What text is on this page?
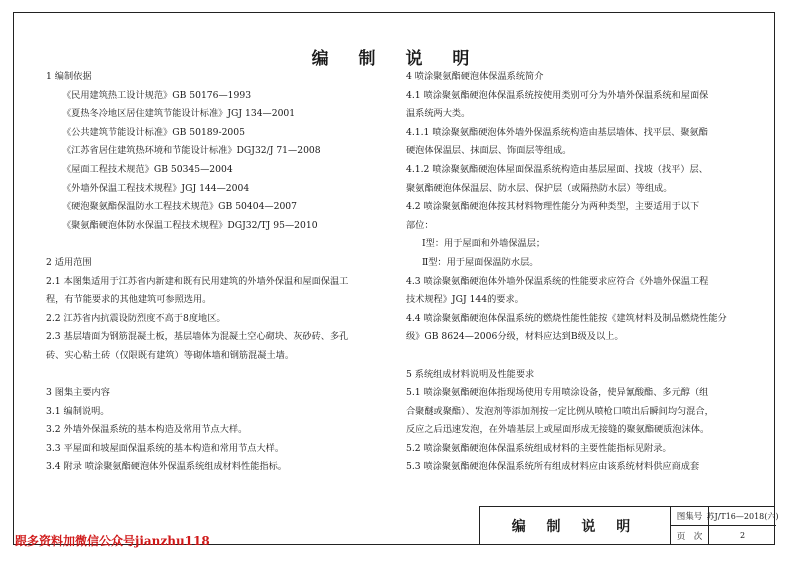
编 制 说 明
1 编制依据
《民用建筑热工设计规范》GB 50176—1993
《夏热冬冷地区居住建筑节能设计标准》JGJ 134—2001
《公共建筑节能设计标准》GB 50189-2005
《江苏省居住建筑热环境和节能设计标准》DGJ32/J 71—2008
《屋面工程技术规范》GB 50345—2004
《外墙外保温工程技术规程》JGJ 144—2004
《硬泡聚氨酯保温防水工程技术规范》GB 50404—2007
《聚氨酯硬泡体防水保温工程技术规程》DGJ32/TJ 95—2010
2 适用范围
2.1 本图集适用于江苏省内新建和既有民用建筑的外墙外保温和屋面保温工
程，有节能要求的其他建筑可参照选用。
2.2 江苏省内抗震设防烈度不高于8度地区。
2.3 基层墙面为钢筋混凝土板，基层墙体为混凝土空心砌块、灰砂砖、多孔
砖、实心粘土砖（仅限既有建筑）等砌体墙和钢筋混凝土墙。
3 图集主要内容
3.1 编制说明。
3.2 外墙外保温系统的基本构造及常用节点大样。
3.3 平屋面和坡屋面保温系统的基本构造和常用节点大样。
3.4 附录 喷涂聚氨酯硬泡体外保温系统组成材料性能指标。
4 喷涂聚氨酯硬泡体保温系统简介
4.1 喷涂聚氨酯硬泡体保温系统按使用类别可分为外墙外保温系统和屋面保
温系统两大类。
4.1.1 喷涂聚氨酯硬泡体外墙外保温系统构造由基层墙体、找平层、聚氨酯
硬泡体保温层、抹面层、饰面层等组成。
4.1.2 喷涂聚氨酯硬泡体屋面保温系统构造由基层屋面、找坡（找平）层、
聚氨酯硬泡体保温层、防水层、保护层（或隔热防水层）等组成。
4.2 喷涂聚氨酯硬泡体按其材料物理性能分为两种类型，主要适用于以下
部位：
Ⅰ型：用于屋面和外墙保温层；
Ⅱ型：用于屋面保温防水层。
4.3 喷涂聚氨酯硬泡体外墙外保温系统的性能要求应符合《外墙外保温工程
技术规程》JGJ 144的要求。
4.4 喷涂聚氨酯硬泡体保温系统的燃烧性能性能按《建筑材料及制品燃烧性能分
级》GB 8624—2006分级，材料应达到B级及以上。
5 系统组成材料说明及性能要求
5.1 喷涂聚氨酯硬泡体指现场使用专用喷涂设备，使异氰酸酯、多元醇（组
合聚醚或聚酯）、发泡剂等添加剂按一定比例从喷枪口喷出后瞬间均匀混合，
反应之后迅速发泡，在外墙基层上或屋面形成无接缝的聚氨酯硬质泡沫体。
5.2 喷涂聚氨酯硬泡体保温系统组成材料的主要性能指标见附录。
5.3 喷涂聚氨酯硬泡体保温系统所有组成材料应由该系统材料供应商成套
编 制 说 明
图集号 苏J/T16—2018(六)
页　次	2
跟多资料加微信公众号jianzhu118
